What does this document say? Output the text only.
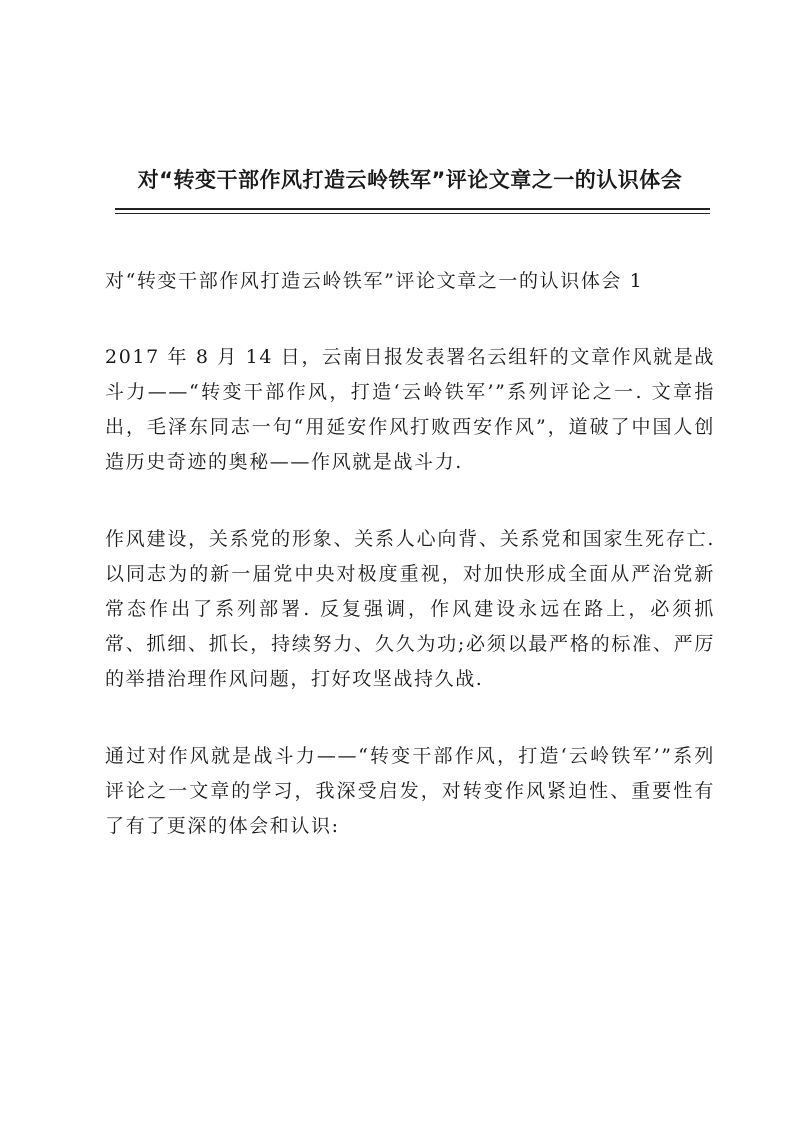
对“转变干部作风打造云岭铁军”评论文章之一的认识体会

对“转变干部作风打造云岭铁军”评论文章之一的认识体会 1

2017 年 8 月 14 日，云南日报发表署名云组轩的文章作风就是战斗力——“转变干部作风，打造‘云岭铁军’”系列评论之一. 文章指出，毛泽东同志一句“用延安作风打败西安作风”，道破了中国人创造历史奇迹的奥秘——作风就是战斗力.

作风建设，关系党的形象、关系人心向背、关系党和国家生死存亡. 以同志为的新一届党中央对极度重视，对加快形成全面从严治党新常态作出了系列部署. 反复强调，作风建设永远在路上，必须抓常、抓细、抓长，持续努力、久久为功;必须以最严格的标准、严厉的举措治理作风问题，打好攻坚战持久战.

通过对作风就是战斗力——“转变干部作风，打造‘云岭铁军’”系列评论之一文章的学习，我深受启发，对转变作风紧迫性、重要性有了有了更深的体会和认识:
